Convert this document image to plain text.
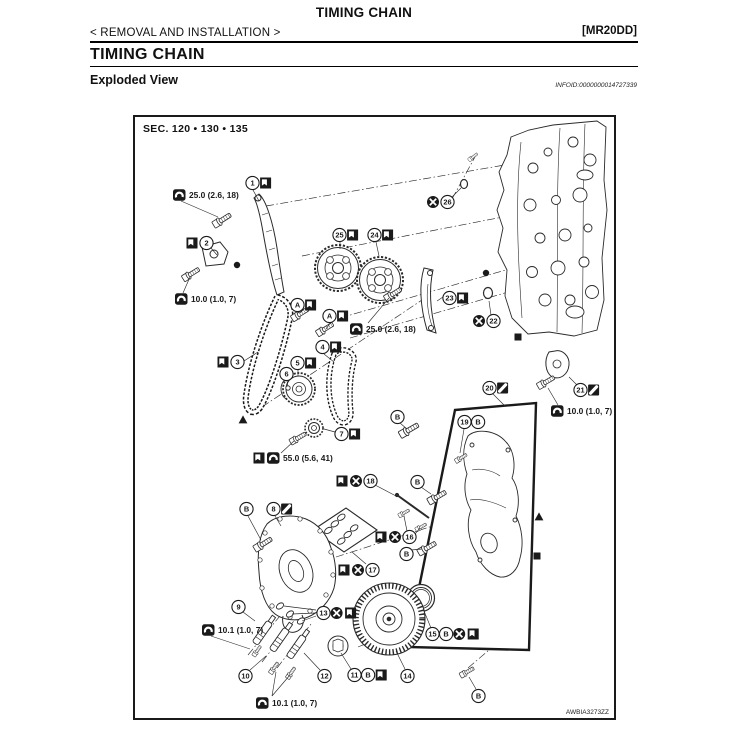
TIMING CHAIN
< REMOVAL AND INSTALLATION >	[MR20DD]
TIMING CHAIN
Exploded View	INFOID:0000000014727339
SEC. 120 • 130 • 135
1
2
3
4
5
6
7
8
9
10	11 B
12
13
14
15 B
16
17
18
19 B
20	21
22
23
24
25
26
A
A
B
B
B
B
B
25.0 (2.6, 18)
10.0 (1.0, 7)
25.0 (2.6, 18)
55.0 (5.6, 41)
10.0 (1.0, 7)
10.1 (1.0, 7)
10.1 (1.0, 7)
AWBIA3273ZZ
